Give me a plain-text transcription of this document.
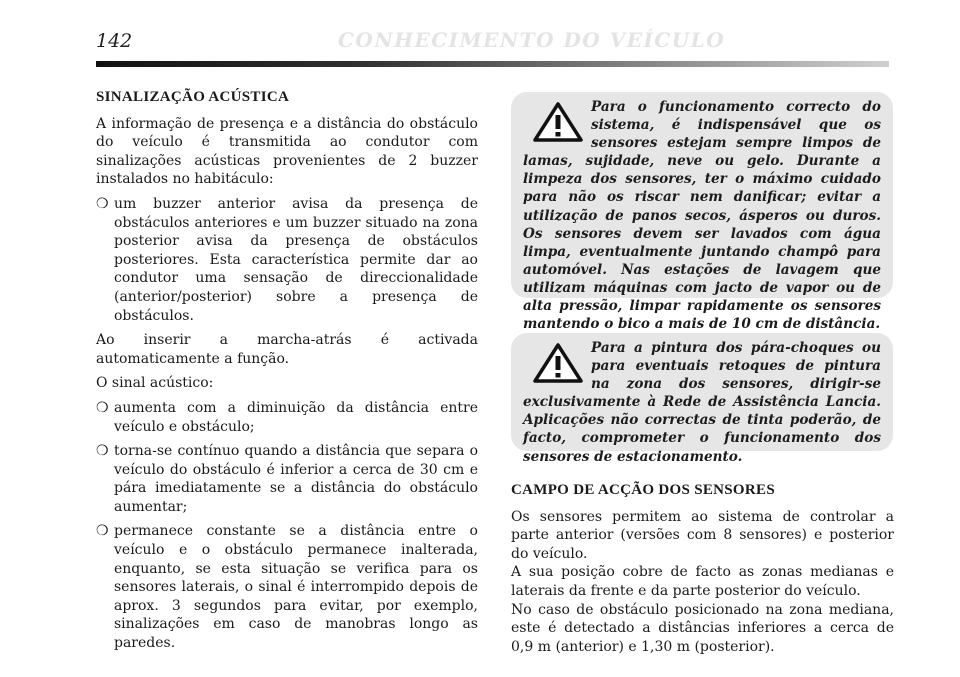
142	CONHECIMENTO DO VEÍCULO
SINALIZAÇÃO ACÚSTICA

A informação de presença e a distância do obstáculo do veículo é transmitida ao condutor com sinalizações acústicas provenientes de 2 buzzer instalados no habitáculo:

❍ um buzzer anterior avisa da presença de obstáculos anteriores e um buzzer situado na zona posterior avisa da presença de obstáculos posteriores. Esta característica permite dar ao condutor uma sensação de direccionalidade (anterior/posterior) sobre a presença de obstáculos.

Ao inserir a marcha-atrás é activada automaticamente a função.

O sinal acústico:

❍ aumenta com a diminuição da distância entre veículo e obstáculo;
❍ torna-se contínuo quando a distância que separa o veículo do obstáculo é inferior a cerca de 30 cm e pára imediatamente se a distância do obstáculo aumentar;
❍ permanece constante se a distância entre o veículo e o obstáculo permanece inalterada, enquanto, se esta situação se verifica para os sensores laterais, o sinal é interrompido depois de aprox. 3 segundos para evitar, por exemplo, sinalizações em caso de manobras longo as paredes.
Para o funcionamento correcto do sistema, é indispensável que os sensores estejam sempre limpos de lamas, sujidade, neve ou gelo. Durante a limpeza dos sensores, ter o máximo cuidado para não os riscar nem danificar; evitar a utilização de panos secos, ásperos ou duros. Os sensores devem ser lavados com água limpa, eventualmente juntando champô para automóvel. Nas estações de lavagem que utilizam máquinas com jacto de vapor ou de alta pressão, limpar rapidamente os sensores mantendo o bico a mais de 10 cm de distância.
Para a pintura dos pára-choques ou para eventuais retoques de pintura na zona dos sensores, dirigir-se exclusivamente à Rede de Assistência Lancia. Aplicações não correctas de tinta poderão, de facto, comprometer o funcionamento dos sensores de estacionamento.
CAMPO DE ACÇÃO DOS SENSORES
Os sensores permitem ao sistema de controlar a parte anterior (versões com 8 sensores) e posterior do veículo.
A sua posição cobre de facto as zonas medianas e laterais da frente e da parte posterior do veículo.
No caso de obstáculo posicionado na zona mediana, este é detectado a distâncias inferiores a cerca de 0,9 m (anterior) e 1,30 m (posterior).
